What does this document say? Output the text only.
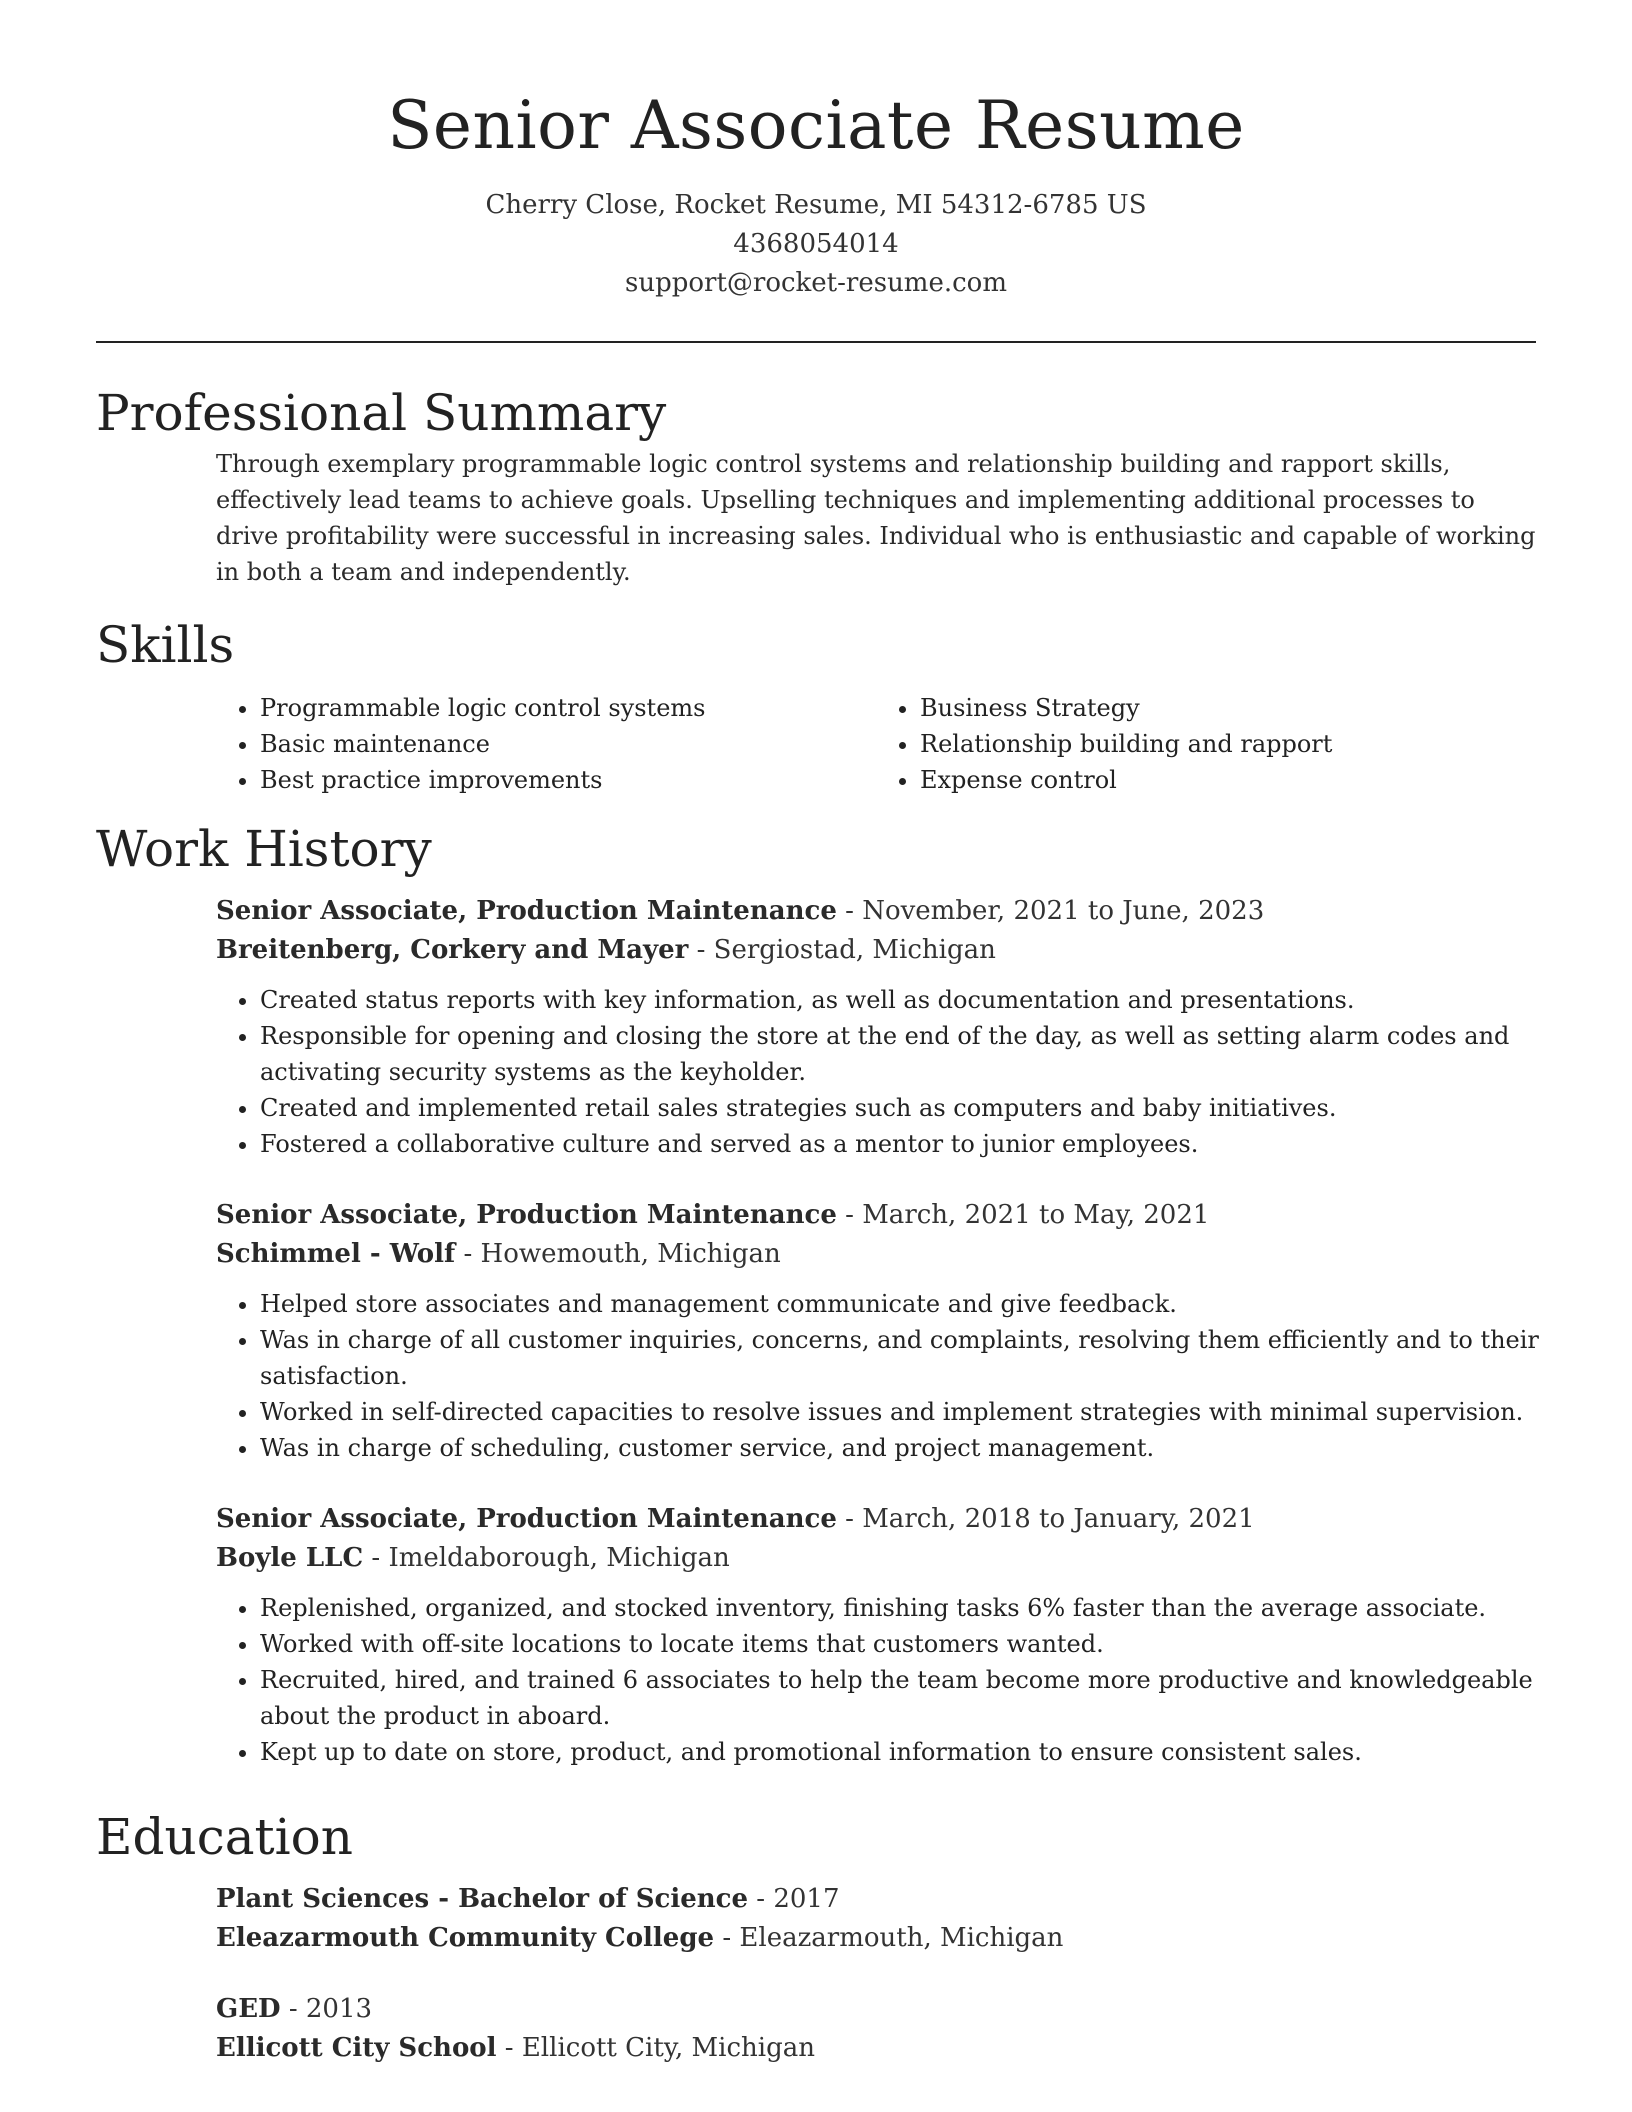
Senior Associate Resume
Cherry Close, Rocket Resume, MI 54312-6785 US
4368054014
support@rocket-resume.com
Professional Summary
Through exemplary programmable logic control systems and relationship building and rapport skills, effectively lead teams to achieve goals. Upselling techniques and implementing additional processes to drive profitability were successful in increasing sales. Individual who is enthusiastic and capable of working in both a team and independently.
Skills
• Programmable logic control systems
• Basic maintenance
• Best practice improvements
• Business Strategy
• Relationship building and rapport
• Expense control
Work History
Senior Associate, Production Maintenance - November, 2021 to June, 2023
Breitenberg, Corkery and Mayer - Sergiostad, Michigan
• Created status reports with key information, as well as documentation and presentations.
• Responsible for opening and closing the store at the end of the day, as well as setting alarm codes and activating security systems as the keyholder.
• Created and implemented retail sales strategies such as computers and baby initiatives.
• Fostered a collaborative culture and served as a mentor to junior employees.
Senior Associate, Production Maintenance - March, 2021 to May, 2021
Schimmel - Wolf - Howemouth, Michigan
• Helped store associates and management communicate and give feedback.
• Was in charge of all customer inquiries, concerns, and complaints, resolving them efficiently and to their satisfaction.
• Worked in self-directed capacities to resolve issues and implement strategies with minimal supervision.
• Was in charge of scheduling, customer service, and project management.
Senior Associate, Production Maintenance - March, 2018 to January, 2021
Boyle LLC - Imeldaborough, Michigan
• Replenished, organized, and stocked inventory, finishing tasks 6% faster than the average associate.
• Worked with off-site locations to locate items that customers wanted.
• Recruited, hired, and trained 6 associates to help the team become more productive and knowledgeable about the product in aboard.
• Kept up to date on store, product, and promotional information to ensure consistent sales.
Education
Plant Sciences - Bachelor of Science - 2017
Eleazarmouth Community College - Eleazarmouth, Michigan
GED - 2013
Ellicott City School - Ellicott City, Michigan
